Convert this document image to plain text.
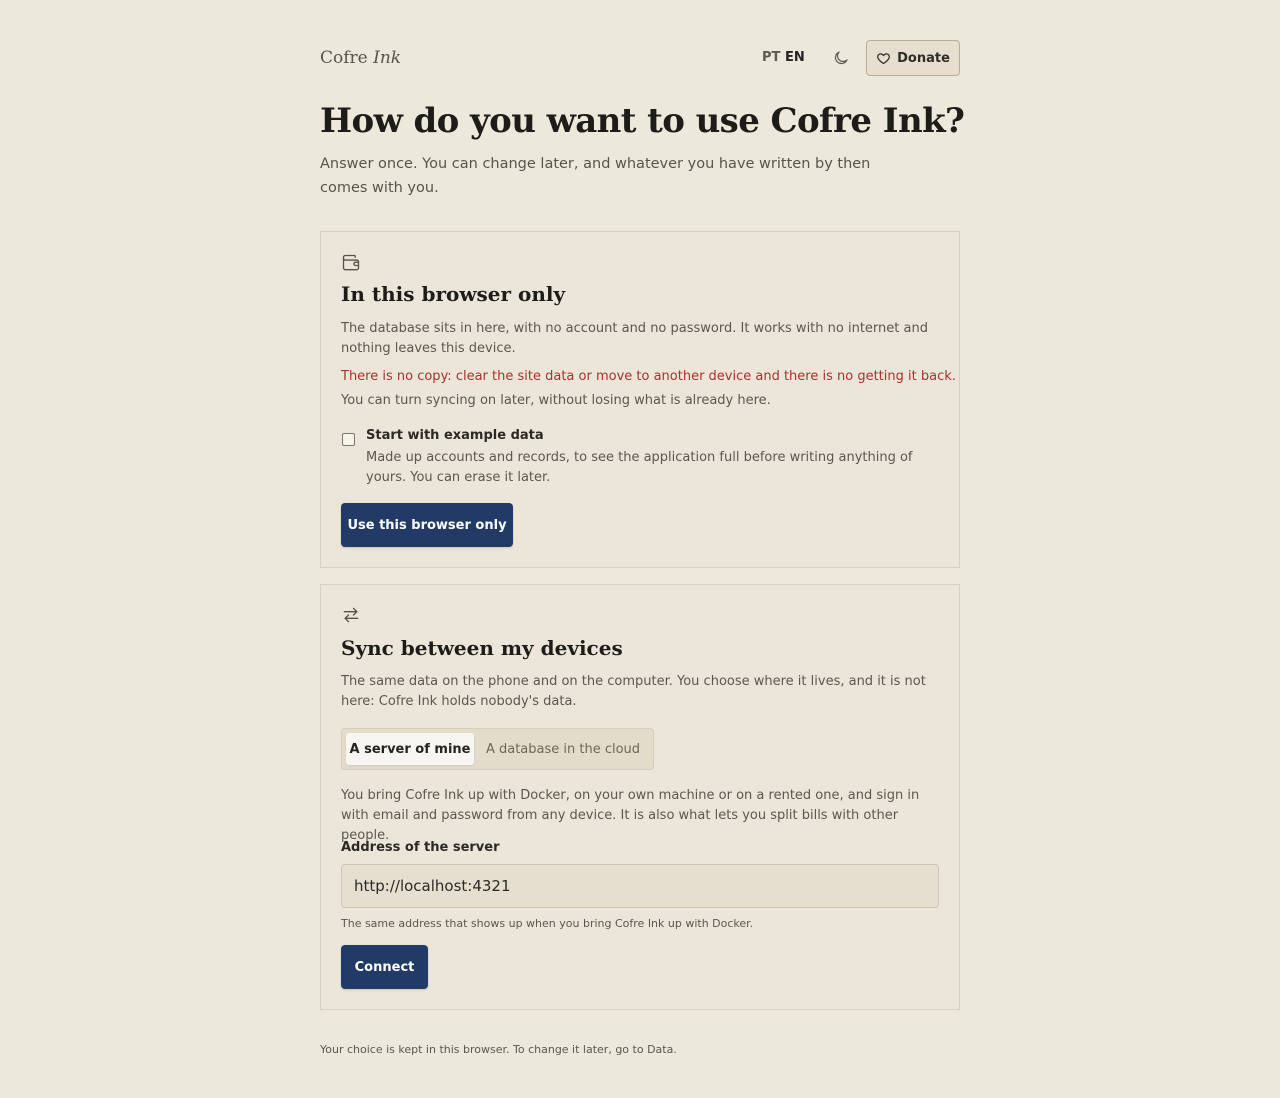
Cofre Ink	PT EN	Donate
How do you want to use Cofre Ink?

Answer once. You can change later, and whatever you have written by then comes with you.

In this browser only

The database sits in here, with no account and no password. It works with no internet and nothing leaves this device.

There is no copy: clear the site data or move to another device and there is no getting it back.

You can turn syncing on later, without losing what is already here.

Start with example data

Made up accounts and records, to see the application full before writing anything of yours. You can erase it later.

Use this browser only
Sync between my devices

The same data on the phone and on the computer. You choose where it lives, and it is not here: Cofre Ink holds nobody's data.

A server of mine	A database in the cloud

You bring Cofre Ink up with Docker, on your own machine or on a rented one, and sign in with email and password from any device. It is also what lets you split bills with other people.

Address of the server
http://localhost:4321

The same address that shows up when you bring Cofre Ink up with Docker.

Connect

Your choice is kept in this browser. To change it later, go to Data.
